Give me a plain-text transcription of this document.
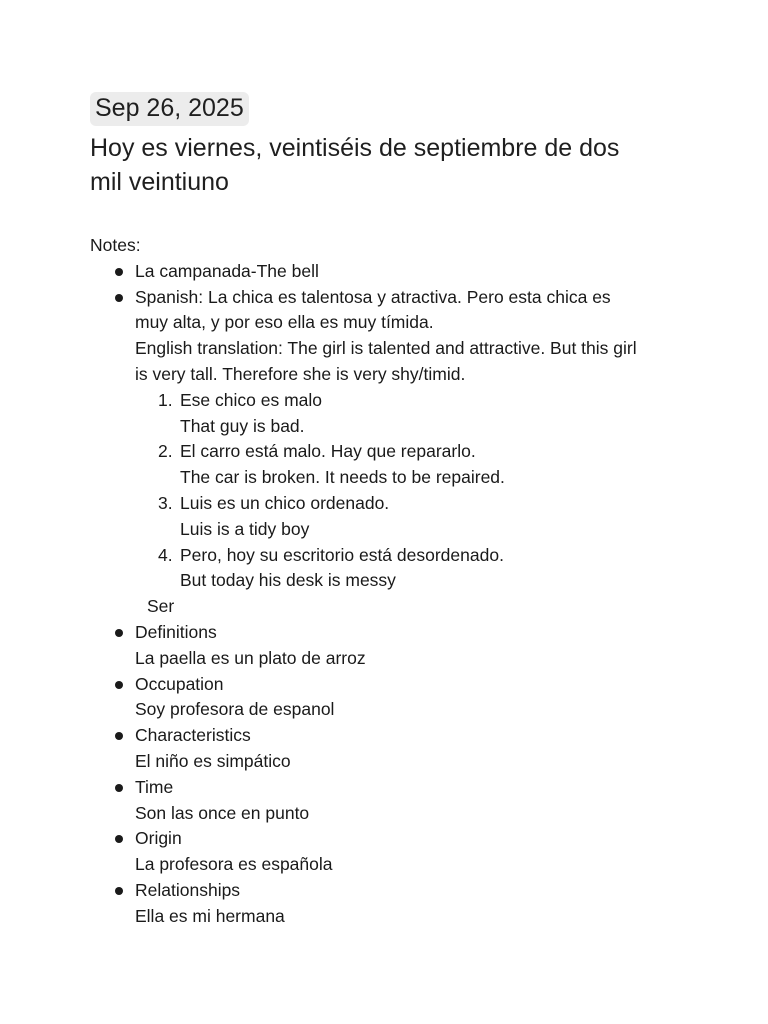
Sep 26, 2025
Hoy es viernes, veintiséis de septiembre de dos
mil veintiuno
Notes:
La campanada-The bell
Spanish: La chica es talentosa y atractiva. Pero esta chica es
muy alta, y por eso ella es muy tímida.
English translation: The girl is talented and attractive. But this girl
is very tall. Therefore she is very shy/timid.
1. Ese chico es malo
That guy is bad.
2. El carro está malo. Hay que repararlo.
The car is broken. It needs to be repaired.
3. Luis es un chico ordenado.
Luis is a tidy boy
4. Pero, hoy su escritorio está desordenado.
But today his desk is messy
Ser
Definitions
La paella es un plato de arroz
Occupation
Soy profesora de espanol
Characteristics
El niño es simpático
Time
Son las once en punto
Origin
La profesora es española
Relationships
Ella es mi hermana
